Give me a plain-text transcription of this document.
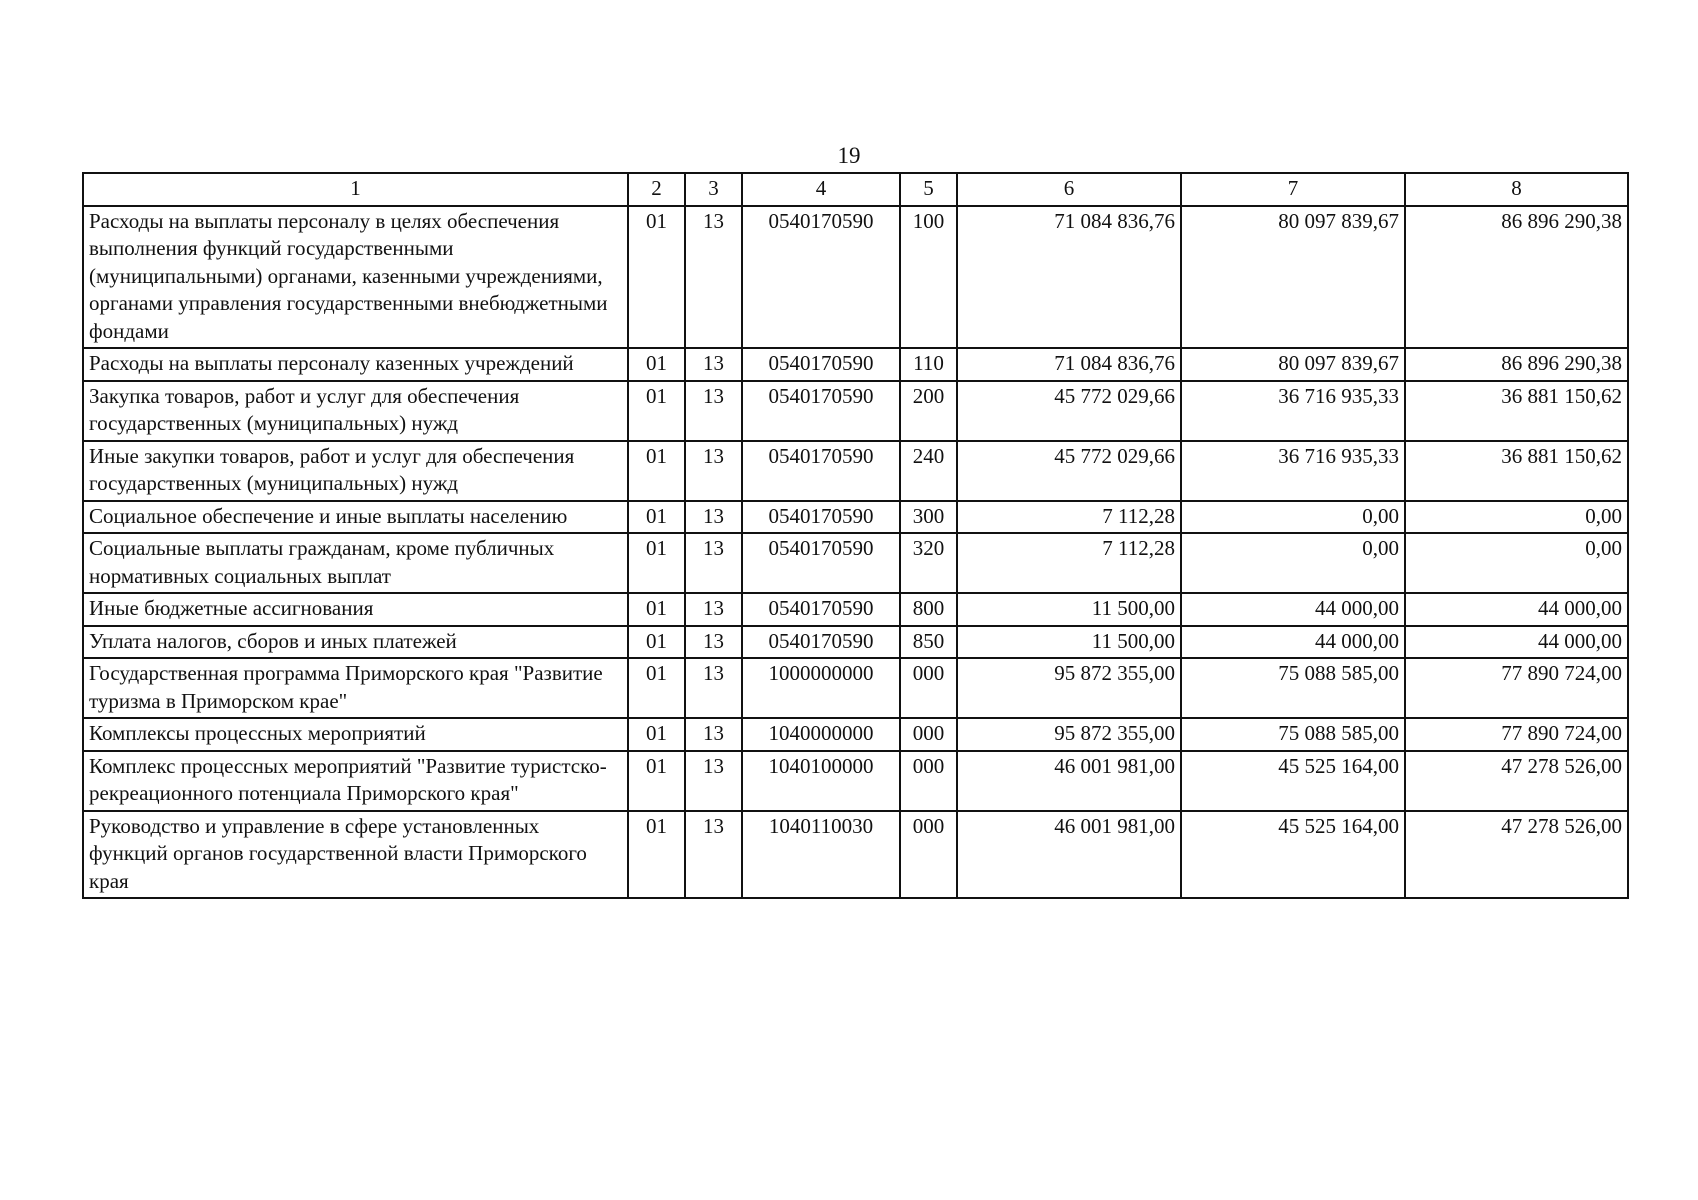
19
1	2	3	4	5	6	7	8
Расходы на выплаты персоналу в целях обеспечения выполнения функций государственными (муниципальными) органами, казенными учреждениями, органами управления государственными внебюджетными фондами	01	13	0540170590	100	71 084 836,76	80 097 839,67	86 896 290,38
Расходы на выплаты персоналу казенных учреждений	01	13	0540170590	110	71 084 836,76	80 097 839,67	86 896 290,38
Закупка товаров, работ и услуг для обеспечения государственных (муниципальных) нужд	01	13	0540170590	200	45 772 029,66	36 716 935,33	36 881 150,62
Иные закупки товаров, работ и услуг для обеспечения государственных (муниципальных) нужд	01	13	0540170590	240	45 772 029,66	36 716 935,33	36 881 150,62
Социальное обеспечение и иные выплаты населению	01	13	0540170590	300	7 112,28	0,00	0,00
Социальные выплаты гражданам, кроме публичных нормативных социальных выплат	01	13	0540170590	320	7 112,28	0,00	0,00
Иные бюджетные ассигнования	01	13	0540170590	800	11 500,00	44 000,00	44 000,00
Уплата налогов, сборов и иных платежей	01	13	0540170590	850	11 500,00	44 000,00	44 000,00
Государственная программа Приморского края "Развитие туризма в Приморском крае"	01	13	1000000000	000	95 872 355,00	75 088 585,00	77 890 724,00
Комплексы процессных мероприятий	01	13	1040000000	000	95 872 355,00	75 088 585,00	77 890 724,00
Комплекс процессных мероприятий "Развитие туристско-рекреационного потенциала Приморского края"	01	13	1040100000	000	46 001 981,00	45 525 164,00	47 278 526,00
Руководство и управление в сфере установленных функций органов государственной власти Приморского края	01	13	1040110030	000	46 001 981,00	45 525 164,00	47 278 526,00
